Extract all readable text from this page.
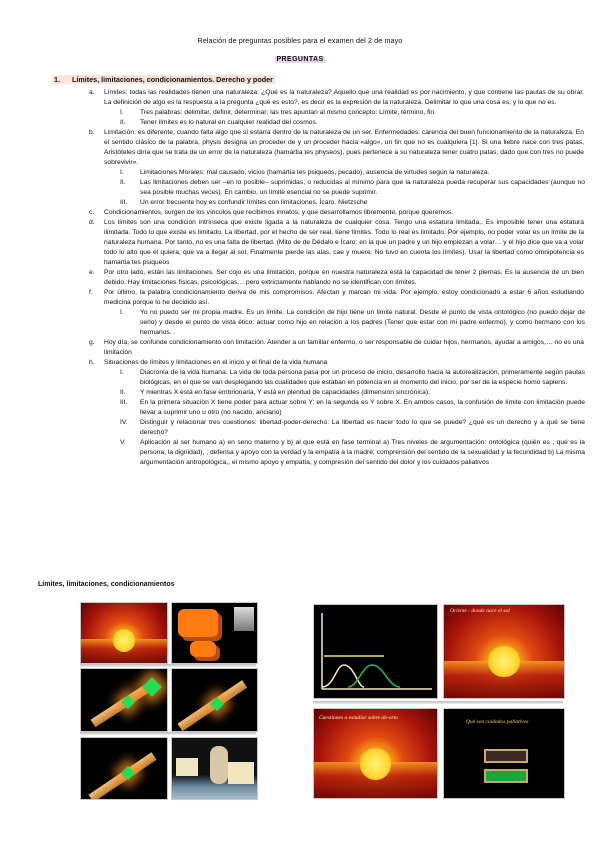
Relación de preguntas posibles para el examen del 2 de mayo
PREGUNTAS
1. Límites, limitaciones, condicionamientos. Derecho y poder
a. Límites: todas las realidades tienen una naturaleza: ¿Qué es la naturaleza? Aquello que una realidad es por nacimiento, y que contiene las pautas de su obrar. La definición de algo es la respuesta a la pregunta ¿qué es esto?, es decir es la expresión de la naturaleza. Delimitar lo que una cosa es, y lo que no es.
I. Tres palabras: delimitar, definir, determinar; las tres apuntan al mismo concepto: Límite, término, fin.
II. Tener límites es lo natural en cualquier realidad del cosmos.
b. Limitación: es diferente, cuando falta algo que sí estaría dentro de la naturaleza de un ser. Enfermedades: carencia del buen funcionamiento de la naturaleza. En el sentido clásico de la palabra, physis designa un proceder de y un proceder hacia «algo», un fin que no es cualquiera [1]. Si una liebre nace con tres patas, Aristóteles diría que se trata de un error de la naturaleza (hamartia tes physeos), pues pertenece a su naturaleza tener cuatro patas, dado que con tres no puede sobrevivir».
I. Limitaciones Morales: mal causado, vicios (hamartia tes psiqueos, pecado), ausencia de virtudes según la naturaleza.
II. Las limitaciones deben ser –en lo posible– suprimidas, o reducidas al mínimo para que la naturaleza pueda recuperar sus capacidades (aunque no sea posible muchas veces). En cambio, un límite esencial no se puede suprimir.
III. Un error frecuente hoy es confundir límites con limitaciones. Ícaro. Nietzsche
c. Condicionamientos, surgen de los vínculos que recibimos innatos, y que desarrollamos libremente, porque queremos.
d. Los límites son una condición intrínseca que existe ligada a la naturaleza de cualquier cosa. Tengo una estatura limitada,. Es imposible tener una estatura ilimitada. Todo lo que existe es limitado. La libertad, por el hecho de ser real, tiene límites. Todo lo real es limitado. Por ejemplo, no poder volar es un límite de la naturaleza humana. Por tanto, no es una falta de libertad. (Mito de de Dédalo e Ícaro: en la que un padre y un hijo empiezan a volar… y el hijo dice que va a volar todo lo alto que él quiera, que va a llegar al sol. Finalmente pierde las alas, cae y muere. No tuvo en cuenta los límites). Usar la libertad como omnipotencia es hamartia tes psiqueos
e. Por otro lado, están las limitaciones. Ser cojo es una limitación, porque en nuestra naturaleza está la capacidad de tener 2 piernas. Es la ausencia de un bien debido. Hay limitaciones físicas, psicológicas… pero extrictamente hablando no se identifican con límites.
f. Por último, la palabra condicionamiento deriva de mis compromisos. Afectan y marcan mi vida. Por ejemplo, estoy condicionado a estar 6 años estudiando medicina porque lo he decidido así.
I. Yo no puedo ser mi propia madre. Es un límite. La condición de hijo tiene un límite natural. Desde el punto de vista ontológico (no puedo dejar de serlo) y desde el punto de vista ético: actuar como hijo en relación a los padres (Tener que estar con mi padre enfermo), y como hermano con los hermanos. .
g. Hoy día, se confunde condicionamiento con limitación. Atender a un familiar enfermo, o ser responsable de cuidar hijos, hermanos, ayudar a amigos,… no es una limitación
h. Situaciones de límites y limitaciones en el inicio y el final de la vida humana
I. Diacronía de la vida humana. La vida de toda persona pasa por un proceso de inicio, desarrollo hacia la autorealización, primeramente según pautas biológicas, en el que se van desplegando las cualidades que estaban en potencia en el momento del inicio, por ser de la especie homo sapiens.
II. Y mientras X está en fase embrionaria, Y está en plenitud de capacidades (dimensión sincrónica).
III. En la primera situación X tiene poder para actuar sobre Y; en la segunda es Y sobre X. En ambos casos, la confusión de límite con limitación puede llevar a suprimir uno u otro (no nacido, anciano)
IV. Distinguir y relacionar tres cuestiones: libertad-poder-derecho: La libertad es hacer todo lo que se puede? ¿qué es un derecho y a qué se tiene derecho?
V. Aplicación al ser humano a) en seno materno y b) al que está en fase terminal a) Tres niveles de argumentación: ontológica (quién es , qué es la persona, la dignidad), ; defensa y apoyo con la verdad y la empatía a la madre; comprensión del sentido de la sexualidad y la fecundidad b) La misma argumentación antropológica,, el mismo apoyo y empatía, y compresión del sentido del dolor y los cuidados paliativos
Límites, limitaciones, condicionamientos
Oriente : donde nace el sol
Cuestiones a estudiar sobre ab-orto
Qué son cuidados paliativos
